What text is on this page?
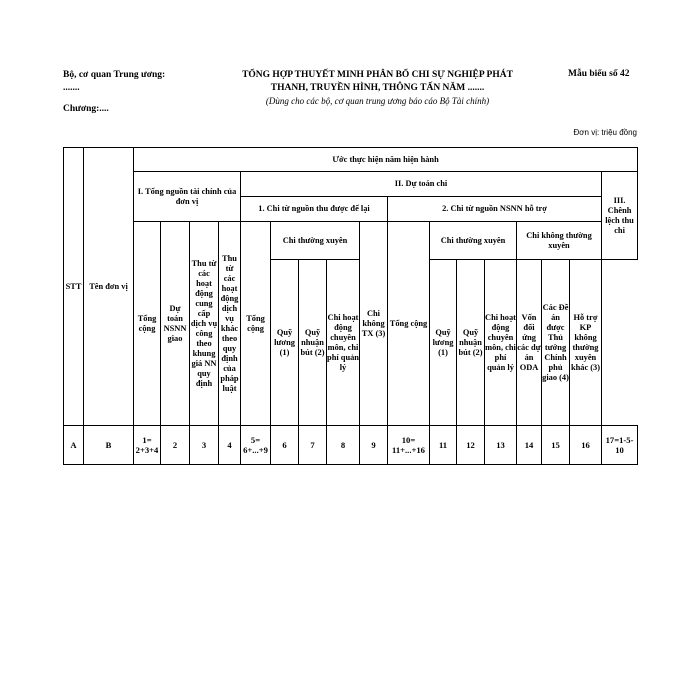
Bộ, cơ quan Trung ương:
.......
Chương:....
TỔNG HỢP THUYẾT MINH PHÂN BỔ CHI SỰ NGHIỆP PHÁT
THANH, TRUYỀN HÌNH, THÔNG TẤN NĂM .......
(Dùng cho các bộ, cơ quan trung ương báo cáo Bộ Tài chính)
Mẫu biểu số 42
Đơn vị: triệu đồng
STT	Tên đơn vị	Ước thực hiện năm hiện hành																
		I. Tổng nguồn tài chính của đơn vị				II. Dự toán chi												III. Chênh lệch thu chi
						1. Chi từ nguồn thu được để lại					2. Chi từ nguồn NSNN hỗ trợ							
		Tổng cộng	Dự toán NSNN giao	Thu từ các hoạt động cung cấp dịch vụ công theo khung giá NN quy định	Thu từ các hoạt động dịch vụ khác theo quy định của pháp luật	Tổng cộng	Chi thường xuyên			Chi không TX (3)	Tổng cộng	Chi thường xuyên			Chi không thường xuyên			
							Quỹ lương (1)	Quỹ nhuận bút (2)	Chi hoạt động chuyên môn, chi phí quản lý			Quỹ lương (1)	Quỹ nhuận bút (2)	Chi hoạt động chuyên môn, chi phí quản lý	Vốn đối ứng các dự án ODA	Các Đề án được Thủ tướng Chính phủ giao (4)	Hỗ trợ KP không thường xuyên khác (3)	
A	B	1= 2+3+4	2	3	4	5= 6+...+9	6	7	8	9	10= 11+...+16	11	12	13	14	15	16	17=1-5-10
